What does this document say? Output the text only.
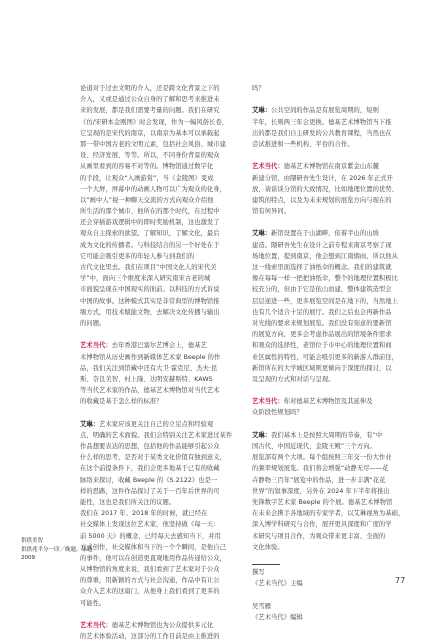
论道对于过去文明的介入，还是跨文化背景之下的
介入，又或是通过公众自身的了解和思考来推进未
来的发展，都是我们需要考量的问题。我们在研究
《仿/宋研本金刚图》时会发现，作为一幅风俗长卷，
它呈现的是宋代的南京，以南京为基本可以承载起
那一带中国古老的文明元素，包括社会风俗、城市建
设、经济发展、等等。所以，不同身份背景的观众
从画里看到的容易不对等的。博物馆通过数字化
的手段，让观众“入画游赏”，当《金陵图》变成
一个大屏，屏幕中的动画人物可以广为观众的化身，
以“画中人”视一种聊天交流的方式向观众介绍他
所生活的那个城市、他所在的那个时代，在过程中
还会穿插游戏逻辑中的即时奖励机制，这也激发了
观众自主探索的欲望。了解知识，了解文化，最后
成为文化的传播者。与科技结合的另一个好处在于
它可能会吸引更多的年轻人参与到我们的
古代文化里去。我们在项目“中国文化人的宋代美
学”中，面向三个维度来深入研究南宋古老的城
市面貌呈现在中国现实的面前。以科技的方式诉说
中国的故事。这种模式其实是非常典型的博物馆推
缅方式，用技术赋能文物，去解决文化传播与输出
的问题。
艺术当代：去年香港巴塞尔艺博会上，德基艺
术博物馆从历史画作到新媒体艺术家 Beeple 的作
品，我们关注到馆藏中还有大卫·霍克尼、杰夫·昆
斯、奈良美智、村上隆、达明安赫斯特、KAWS
等当代艺术家的作品，德基艺术博物馆对当代艺术
的收藏是基于怎么样的标准？
艾琳：艺术家应该更关注自己的立足点和经验观
点，明确的艺术面貌。我们会特别关注艺术家进过某件
作品想要表达的思想，包括他的作品能够引起公众
什么样的思考，是否对于某类文化价值有独到意义，
在这个前提条件下，我们会更多地基于已有的收藏
脉络来探讨，收藏 Beeple 的《S.2122》也是一
样的思路，这件作品探讨了关于一百年后世界的可
能性，这也是我们所关注的议题。
我们在 2017 年、2018 年的时候，就已经在
社交媒体上发现这位艺术家，他坚持做《每一天：
前 5000 天》的概念，已经每天去感知当下，并用
方式创作，社交媒体和当下的一个个瞬间，是他自己
的事件，他可以在创造更直观地用作品传递给公众，
从博物馆的角度来说，我们看到了艺术家对于公众
的尊重，用新颖的方式与社会沟通，作品中有让公
众介入艺术的这扇门，从他身上我们看到了更多的
可能性。
艺术当代：德基艺术博物馆也为公众提供多元化
的艺术体验活动，这部分的工作目前是由主推进的
吗？
艾琳：公共空间的作品是有展览周期的，短则
半年，长则两三年会更换。德基艺术博物馆当下推
出的都是我们自主研发的公共教育课程，当然也在
尝试推进和一些机构、平台的合作。
艺术当代：德基艺术博物馆在南京紫金山东麓
新建分馆，由隈研吾先生设计，在 2026 年正式开
放，请谈谈分馆的大致情况，比如地理位置的优势、
建筑的特点，以及为未来规划的展览方向与现在的
馆有何异同。
艾琳：新馆设置在于山湖畔，依着半山的山坡
建造。隈研吾先生在设计之前专程来南京考察了现
场地位置，提到南京，他会想到江南烟雨，所以他从
这一线索里面选择了油纸伞的概念。我们的建筑就
像在每每一样一把把油纸伞，整个的地理位置积极比
较充分的，但由于它是依山而建，整体建筑造型会
层层递进一些，更多展览空间是在地下的，当然地上
也有几个适合十足的展厅。我们之后也会再新作品
对光线的要求来规划展览。我们没有刻意的要新馆
的展览方向，更多会考虑作品展出的馆境条件需求
和观众的选择性，老馆位于市中心的地理位置和商
业区属性的特性，可能会吸引更多的新游人群前往，
新馆所在的大学城区域则更倾向于深度的探讨，以
及呈现的方式和对话与呈现。
艺术当代：你对德基艺术博物馆及其延伸及
众阶段性规划吗？
艾琳：我们基本上是按照大周期的节奏，有“中
国古代、中国近现代、金陵王殿”三个方向。
展览部有两个大项。每个组按照三年交一份大作业
的频率规划展览。我们将会增强“动静无尽——花
卉静物三百年”展览中的作品，进一步丰满“花花
世界”的叙事深度，另外在 2024 年下半年将推出
先锋数字艺术家 Beeple 的个展。德基艺术博物馆
在未来会携手各地域的专家学者，以艾琳视角为基础，
深入博学科研究与合作，展开更具深度和广度的学
术研究与项目合作，为观众带来更丰富、全面的
文化体验。
撰写
《艺术当代》主编
吴雪雁
《艺术当代》编辑
供供美智
供供兆半分一印／晚题、绿题
2009
77
